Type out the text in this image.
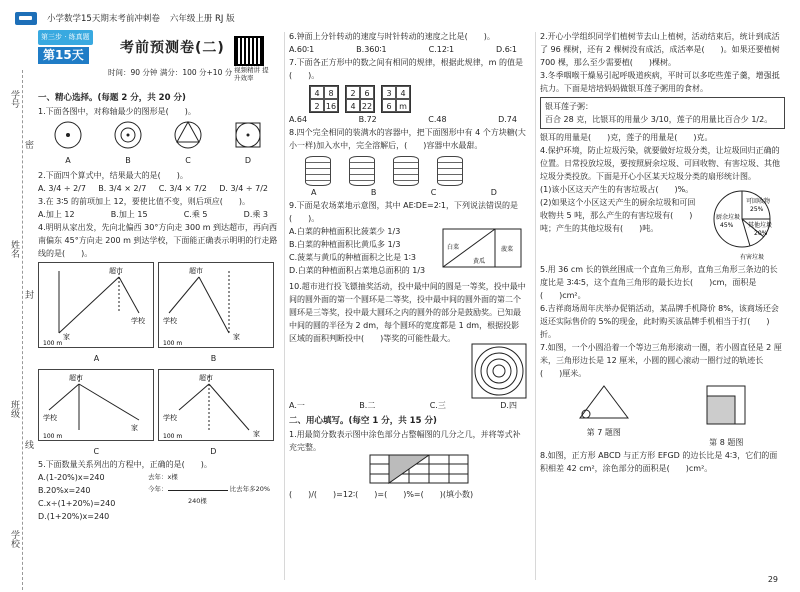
小学数学15天期末考前冲刺卷 六年级上册 RJ 版
学号
姓名
班级
学校
密
封
线
第三步 · 练真题
第15天	考前预测卷(二)
时间：90 分钟 满分：100 分+10 分 视频精讲 提升效率
一、精心选择。(每题 2 分，共 20 分)

1.下面各图中，对称轴最少的图形是(　　)。

A	B	C	D

2.下面四个算式中，结果最大的是(　　)。

A. 3/4 ÷ 2/7 B. 3/4 × 2/7 C. 3/4 × 7/2 D. 3/4 ÷ 7/2

3.在 3∶5 的前项加上 12，要使比值不变，则后项应(　　)。

A.加上 12	B.加上 15	C.乘 5	D.乘 3

4.明明从家出发，先向北偏西 30°方向走 300 m 到达超市，再向西南偏东 45°方向走 200 m 到达学校，下面能正确表示明明的行走路线的是(　　)。

超市
学校
家
100 m
超市
学校
家
100 m
A	B
超市
学校
家
100 m
超市
学校
家
100 m
C	D

5.下面数量关系列出的方程中，正确的是(　　)。

A.(1-20%)x=240
B.20%x=240
C.x÷(1+20%)=240
D.(1+20%)x=240
去年：x棵
今年：	比去年多20%
240棵

6.钟面上分针转动的速度与时针转动的速度之比是(　　)。

A.60∶1	B.360∶1	C.12∶1	D.6∶1

7.下面各正方形中的数之间有相同的规律，根据此规律，m 的值是(　　)。

4	8
2 16
2	6
4 22
3	4
6 m
A.64	B.72	C.48	D.74

8.四个完全相同的装满水的容器中，把下面图形中有 4 个方块糖(大小一样)加入水中，完全溶解后，(　　)容器中水最甜。

A	B	C	D

9.下面是农场菜地示意图，其中 AE∶DE=2∶1，下列说法错误的是(　　)。

A.白菜的种植面积比菠菜少 1/3
B.白菜的种植面积比黄瓜多 1/3
C.菠菜与黄瓜的种植面积之比是 1∶3
D.白菜的种植面积占菜地总面积的 1/3
白菜
黄瓜
菠菜

10.超市进行投飞镖抽奖活动，投中最中间的圆是一等奖，投中最中间的圆外面的第一个圆环是二等奖，投中最中间的圆外面的第二个圆环是三等奖，投中最大圆环之内的圆外的部分是鼓励奖。已知最中间的圆的半径为 2 dm，每个圆环的宽度都是 1 dm，根据投影区域的面积判断投中(　　)等奖的可能性最大。

A.一	B.二	C.三	D.四
二、用心填写。(每空 1 分，共 15 分)

1.用最简分数表示图中涂色部分占整幅图的几分之几，并将等式补充完整。

(　　)/(　　)=12∶(　　)=(　　)%=(　　)(填小数)

2.开心小学组织同学们植树节去山上植树，活动结束后，统计到成活了 96 棵树，还有 2 棵树没有成活，成活率是(　　)。如果还要植树 700 棵，那么至少需要植(　　)棵树。

3.冬季咽喉干燥易引起呼吸道疾病，平时可以多吃些莲子羹，增强抵抗力。下面是培培妈妈做银耳莲子粥用的食材。

银耳莲子粥：
百合 28 克，比银耳的用量少 3/10，莲子的用量比百合少 1/2。

银耳的用量是(　　)克，莲子的用量是(　　)克。

4.保护环境，防止垃圾污染，就要做好垃圾分类，让垃圾回归正确的位置。日常投放垃圾，要按照厨余垃圾、可回收物、有害垃圾、其他垃圾分类投放。下面是开心小区某天垃圾分类的扇形统计图。

(1)该小区这天产生的有害垃圾占(　　)%。

(2)如果这个小区这天产生的厨余垃圾和可回收物共 5 吨，那么产生的有害垃圾有(　　)吨；产生的其他垃圾有(　　)吨。

可回收物
25%
厨余垃圾
45% 其他垃圾
20%
有害垃圾

5.用 36 cm 长的铁丝围成一个直角三角形，直角三角形三条边的长度比是 3∶4∶5，这个直角三角形的最长边长(　　)cm，面积是(　　)cm²。

6.吉祥商场周年庆举办促销活动，某品牌手机降价 8%，该商场还会返还实际售价的 5%的现金，此时购买该品牌手机相当于打(　　)折。

7.如图，一个小圆沿着一个等边三角形滚动一圈，若小圆直径是 2 厘米，三角形边长是 12 厘米，小圆的圆心滚动一圈行过的轨迹长(　　)厘米。

第 7 题图
第 8 题图

8.如图，正方形 ABCD 与正方形 EFGD 的边长比是 4∶3，它们的面积相差 42 cm²，涂色部分的面积是(　　)cm²。

29
